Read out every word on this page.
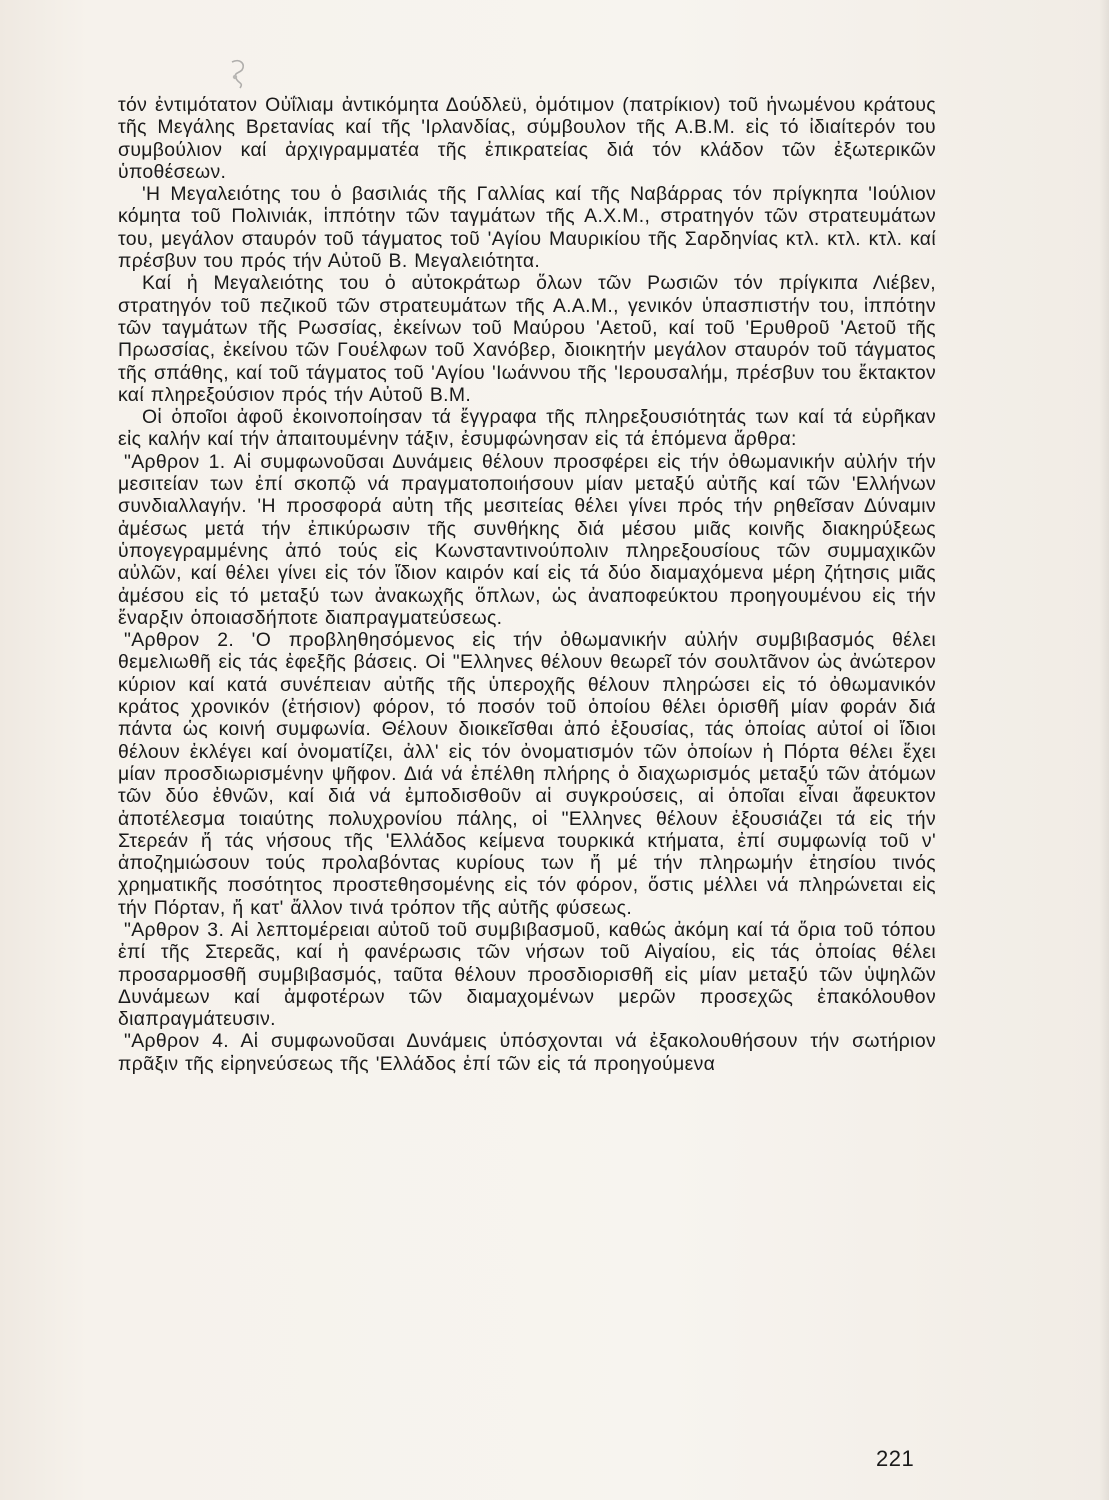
τόν ἐντιμότατον Οὐΐλιαμ ἀντικόμητα Δούδλεϋ, ὁμότιμον (πατρίκιον) τοῦ ἡνωμένου κράτους τῆς Μεγάλης Βρετανίας καί τῆς 'Ιρλανδίας, σύμβουλον τῆς Α.Β.Μ. εἰς τό ἰδιαίτερόν του συμβούλιον καί ἀρχιγραμματέα τῆς ἐπικρατείας διά τόν κλάδον τῶν ἐξωτερικῶν ὑποθέσεων.

'Η Μεγαλειότης του ὁ βασιλιάς τῆς Γαλλίας καί τῆς Ναβάρρας τόν πρίγκηπα 'Ιούλιον κόμητα τοῦ Πολινιάκ, ἱππότην τῶν ταγμάτων τῆς Α.Χ.Μ., στρατηγόν τῶν στρατευμάτων του, μεγάλον σταυρόν τοῦ τάγματος τοῦ 'Αγίου Μαυρικίου τῆς Σαρδηνίας κτλ. κτλ. κτλ. καί πρέσβυν του πρός τήν Αὐτοῦ Β. Μεγαλειότητα.

Καί ἡ Μεγαλειότης του ὁ αὐτοκράτωρ ὅλων τῶν Ρωσιῶν τόν πρίγκιπα Λιέβεν, στρατηγόν τοῦ πεζικοῦ τῶν στρατευμάτων τῆς Α.Α.Μ., γενικόν ὑπασπιστήν του, ἱππότην τῶν ταγμάτων τῆς Ρωσσίας, ἐκείνων τοῦ Μαύρου 'Αετοῦ, καί τοῦ 'Ερυθροῦ 'Αετοῦ τῆς Πρωσσίας, ἐκείνου τῶν Γουέλφων τοῦ Χανόβερ, διοικητήν μεγάλον σταυρόν τοῦ τάγματος τῆς σπάθης, καί τοῦ τάγματος τοῦ 'Αγίου 'Ιωάννου τῆς 'Ιερουσαλήμ, πρέσβυν του ἔκτακτον καί πληρεξούσιον πρός τήν Αὐτοῦ Β.Μ.

Οἱ ὁποῖοι ἀφοῦ ἐκοινοποίησαν τά ἔγγραφα τῆς πληρεξουσιότητάς των καί τά εὑρῆκαν εἰς καλήν καί τήν ἀπαιτουμένην τάξιν, ἐσυμφώνησαν εἰς τά ἑπόμενα ἄρθρα:

"Αρθρον 1. Αἱ συμφωνοῦσαι Δυνάμεις θέλουν προσφέρει εἰς τήν ὀθωμανικήν αὐλήν τήν μεσιτείαν των ἐπί σκοπῷ νά πραγματοποιήσουν μίαν μεταξύ αὐτῆς καί τῶν 'Ελλήνων συνδιαλλαγήν. 'Η προσφορά αὐτη τῆς μεσιτείας θέλει γίνει πρός τήν ρηθεῖσαν Δύναμιν ἀμέσως μετά τήν ἐπικύρωσιν τῆς συνθήκης διά μέσου μιᾶς κοινῆς διακηρύξεως ὑπογεγραμμένης ἀπό τούς εἰς Κωνσταντινούπολιν πληρεξουσίους τῶν συμμαχικῶν αὐλῶν, καί θέλει γίνει εἰς τόν ἴδιον καιρόν καί εἰς τά δύο διαμαχόμενα μέρη ζήτησις μιᾶς ἀμέσου εἰς τό μεταξύ των ἀνακωχῆς ὅπλων, ὡς ἀναποφεύκτου προηγουμένου εἰς τήν ἔναρξιν ὁποιασδήποτε διαπραγματεύσεως.

"Αρθρον 2. 'Ο προβληθησόμενος εἰς τήν ὀθωμανικήν αὐλήν συμβιβασμός θέλει θεμελιωθῆ εἰς τάς ἐφεξῆς βάσεις. Οἱ "Ελληνες θέλουν θεωρεῖ τόν σουλτᾶνον ὡς ἀνώτερον κύριον καί κατά συνέπειαν αὐτῆς τῆς ὑπεροχῆς θέλουν πληρώσει εἰς τό ὀθωμανικόν κράτος χρονικόν (ἐτήσιον) φόρον, τό ποσόν τοῦ ὁποίου θέλει ὁρισθῆ μίαν φοράν διά πάντα ὡς κοινή συμφωνία. Θέλουν διοικεῖσθαι ἀπό ἐξουσίας, τάς ὁποίας αὐτοί οἱ ἴδιοι θέλουν ἐκλέγει καί ὀνοματίζει, ἀλλ' εἰς τόν ὀνοματισμόν τῶν ὁποίων ἡ Πόρτα θέλει ἔχει μίαν προσδιωρισμένην ψῆφον. Διά νά ἐπέλθη πλήρης ὁ διαχωρισμός μεταξύ τῶν ἀτόμων τῶν δύο ἐθνῶν, καί διά νά ἐμποδισθοῦν αἱ συγκρούσεις, αἱ ὁποῖαι εἶναι ἄφευκτον ἀποτέλεσμα τοιαύτης πολυχρονίου πάλης, οἱ "Ελληνες θέλουν ἐξουσιάζει τά εἰς τήν Στερεάν ἤ τάς νήσους τῆς 'Ελλάδος κείμενα τουρκικά κτήματα, ἐπί συμφωνίᾳ τοῦ ν' ἀποζημιώσουν τούς προλαβόντας κυρίους των ἤ μέ τήν πληρωμήν ἐτησίου τινός χρηματικῆς ποσότητος προστεθησομένης εἰς τόν φόρον, ὅστις μέλλει νά πληρώνεται εἰς τήν Πόρταν, ἤ κατ' ἄλλον τινά τρόπον τῆς αὐτῆς φύσεως.

"Αρθρον 3. Αἱ λεπτομέρειαι αὐτοῦ τοῦ συμβιβασμοῦ, καθώς ἀκόμη καί τά ὅρια τοῦ τόπου ἐπί τῆς Στερεᾶς, καί ἡ φανέρωσις τῶν νήσων τοῦ Αἰγαίου, εἰς τάς ὁποίας θέλει προσαρμοσθῆ συμβιβασμός, ταῦτα θέλουν προσδιορισθῆ εἰς μίαν μεταξύ τῶν ὑψηλῶν Δυνάμεων καί ἀμφοτέρων τῶν διαμαχομένων μερῶν προσεχῶς ἐπακόλουθον διαπραγμάτευσιν.

"Αρθρον 4. Αἱ συμφωνοῦσαι Δυνάμεις ὑπόσχονται νά ἐξακολουθήσουν τήν σωτήριον πρᾶξιν τῆς εἰρηνεύσεως τῆς 'Ελλάδος ἐπί τῶν εἰς τά προηγούμενα

221
